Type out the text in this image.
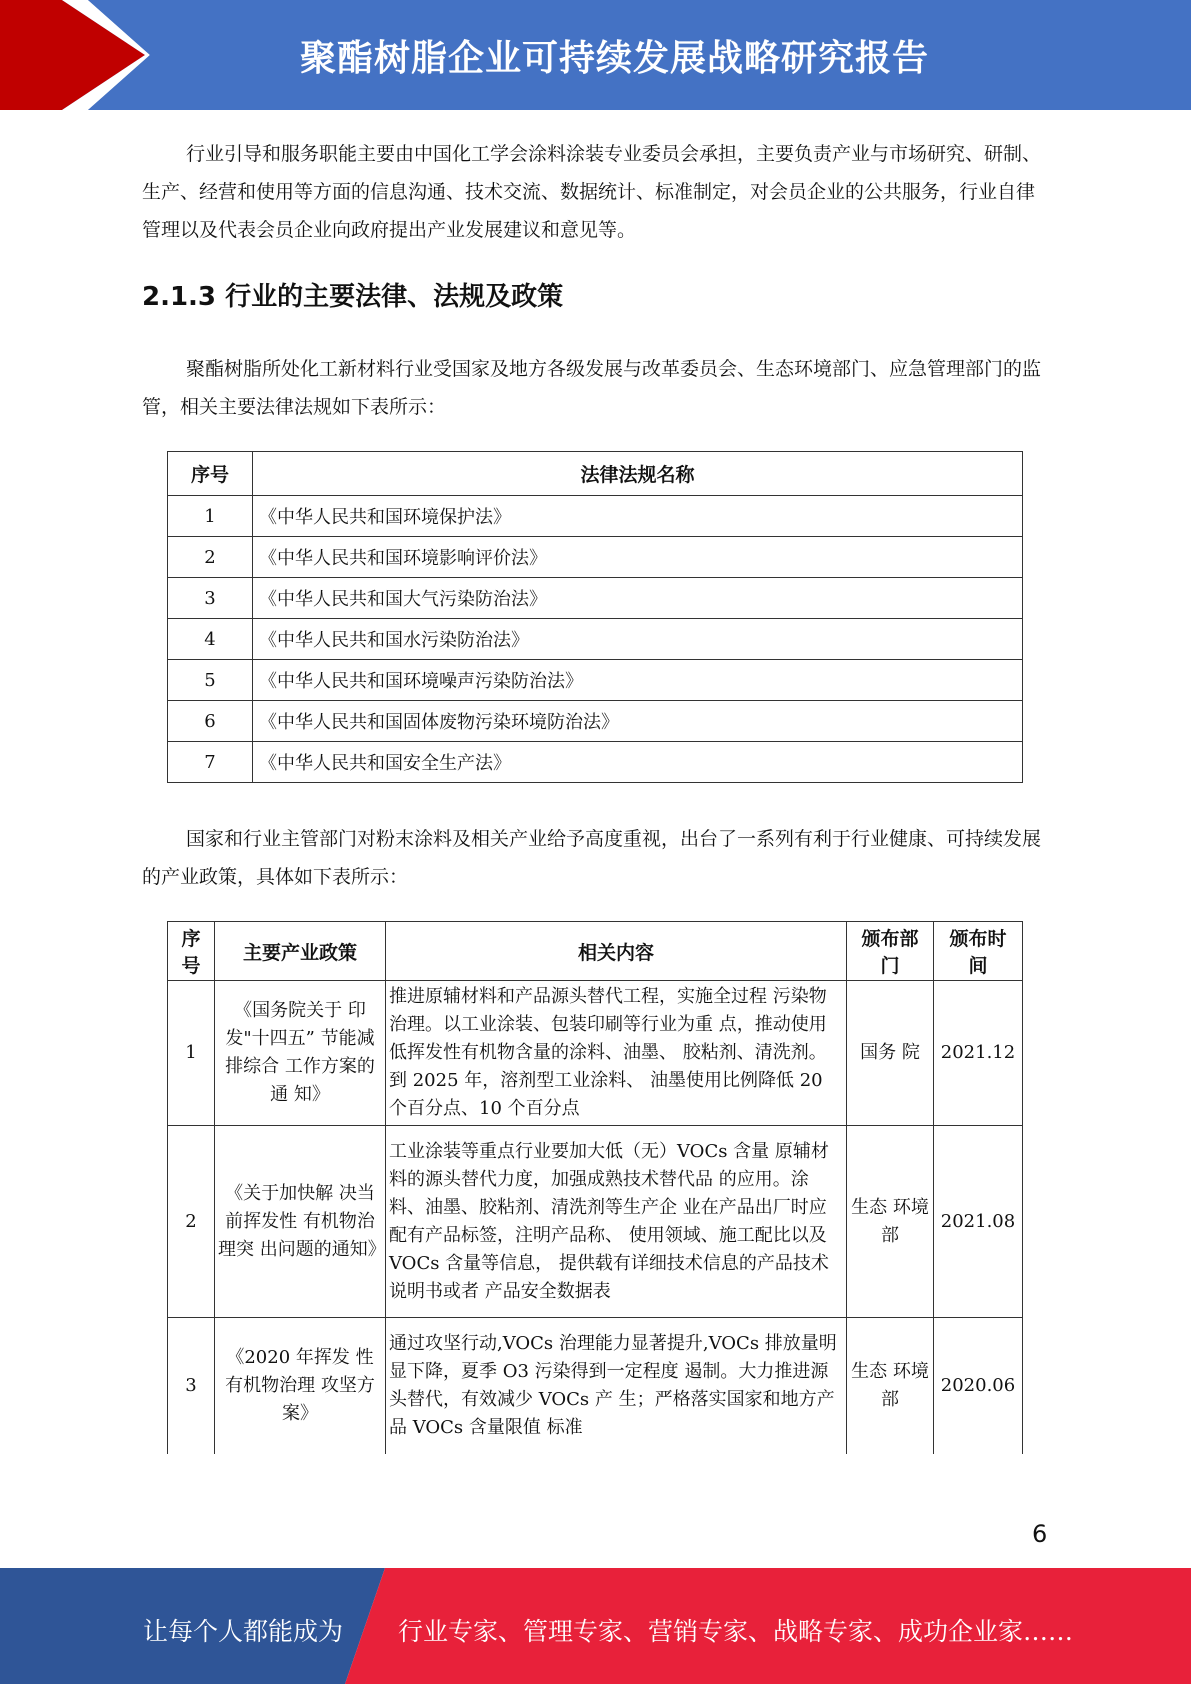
聚酯树脂企业可持续发展战略研究报告

行业引导和服务职能主要由中国化工学会涂料涂装专业委员会承担，主要负责产业与市场研究、研制、生产、经营和使用等方面的信息沟通、技术交流、数据统计、标准制定，对会员企业的公共服务，行业自律管理以及代表会员企业向政府提出产业发展建议和意见等。

2.1.3 行业的主要法律、法规及政策

聚酯树脂所处化工新材料行业受国家及地方各级发展与改革委员会、生态环境部门、应急管理部门的监管，相关主要法律法规如下表所示：

序号	法律法规名称
1	《中华人民共和国环境保护法》
2	《中华人民共和国环境影响评价法》
3	《中华人民共和国大气污染防治法》
4	《中华人民共和国水污染防治法》
5	《中华人民共和国环境噪声污染防治法》
6	《中华人民共和国固体废物污染环境防治法》
7	《中华人民共和国安全生产法》

国家和行业主管部门对粉末涂料及相关产业给予高度重视，出台了一系列有利于行业健康、可持续发展的产业政策，具体如下表所示：

序号	主要产业政策	相关内容	颁布部门	颁布时 间
1	《国务院关于 印发"十四五” 节能减排综合 工作方案的通 知》	推进原辅材料和产品源头替代工程，实施全过程 污染物治理。以工业涂装、包装印刷等行业为重 点，推动使用低挥发性有机物含量的涂料、油墨、 胶粘剂、清洗剂。到 2025 年，溶剂型工业涂料、 油墨使用比例降低 20 个百分点、10 个百分点	国务 院	2021.12
2	《关于加快解 决当前挥发性 有机物治理突 出问题的通知》	工业涂装等重点行业要加大低（无）VOCs 含量 原辅材料的源头替代力度，加强成熟技术替代品 的应用。涂料、油墨、胶粘剂、清洗剂等生产企 业在产品出厂时应配有产品标签，注明产品称、 使用领域、施工配比以及 VOCs 含量等信息， 提供载有详细技术信息的产品技术说明书或者 产品安全数据表	生态 环境 部	2021.08
3	《2020 年挥发 性有机物治理 攻坚方案》	通过攻坚行动,VOCs 治理能力显著提升,VOCs 排放量明显下降，夏季 O3 污染得到一定程度 遏制。大力推进源头替代，有效减少 VOCs 产 生；严格落实国家和地方产品 VOCs 含量限值 标准	生态 环境 部	2020.06
6
让每个人都能成为 行业专家、管理专家、营销专家、战略专家、成功企业家……
